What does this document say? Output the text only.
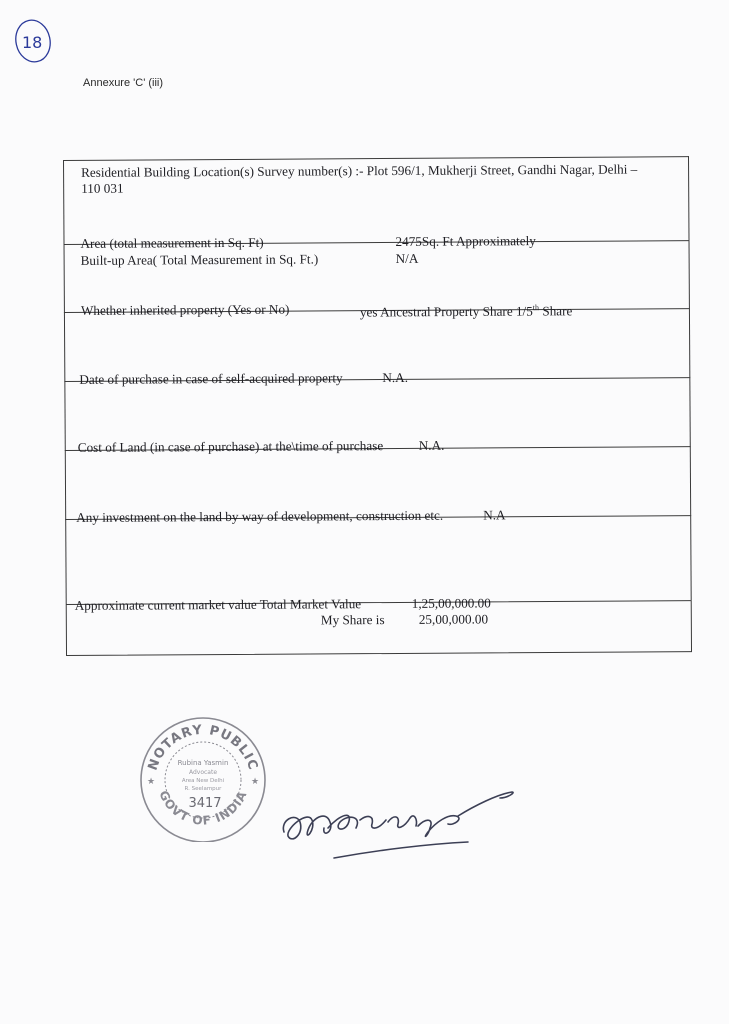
18
Annexure 'C' (iii)
Residential Building Location(s) Survey number(s) :- Plot 596/1, Mukherji Street, Gandhi Nagar, Delhi –
110 031
Area (total measurement in Sq. Ft)	2475Sq. Ft Approximately
Built-up Area( Total Measurement in Sq. Ft.)	N/A
Whether inherited property (Yes or No)	yes Ancestral Property Share 1/5th Share
Date of purchase in case of self-acquired property	N.A.
Cost of Land (in case of purchase) at the\time of purchase	N.A.
Any investment on the land by way of development, construction etc.	N.A
Approximate current market value Total Market Value	1,25,00,000.00
My Share is	25,00,000.00
NOTARY PUBLIC
GOVT OF INDIA
Rubina Yasmin
Advocate
Area New Delhi
R. Seelampur
3417
★	★
